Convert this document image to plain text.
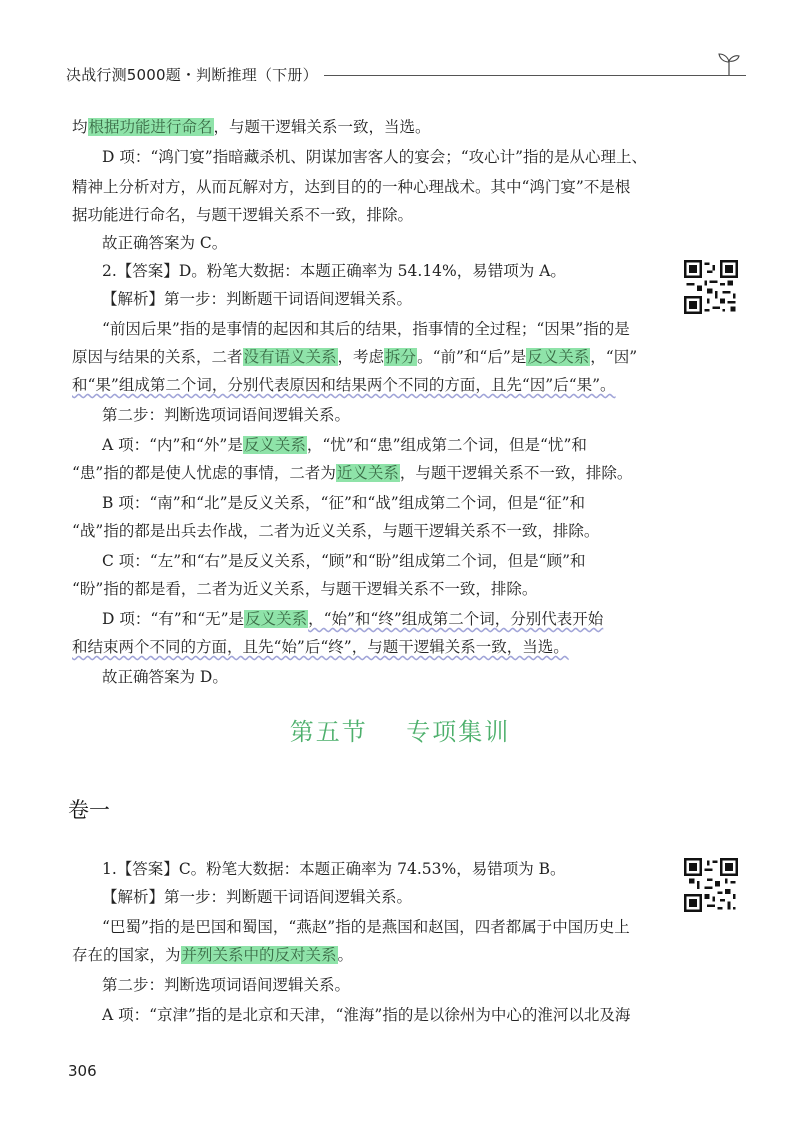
决战行测5000题・判断推理（下册）
均根据功能进行命名，与题干逻辑关系一致，当选。
D 项：“鸿门宴”指暗藏杀机、阴谋加害客人的宴会；“攻心计”指的是从心理上、
精神上分析对方，从而瓦解对方，达到目的的一种心理战术。其中“鸿门宴”不是根
据功能进行命名，与题干逻辑关系不一致，排除。
故正确答案为 C。
2.【答案】D。粉笔大数据：本题正确率为 54.14%，易错项为 A。
【解析】第一步：判断题干词语间逻辑关系。
“前因后果”指的是事情的起因和其后的结果，指事情的全过程；“因果”指的是
原因与结果的关系，二者没有语义关系，考虑拆分。“前”和“后”是反义关系，“因”
和“果”组成第二个词，分别代表原因和结果两个不同的方面，且先“因”后“果”。
第二步：判断选项词语间逻辑关系。
A 项：“内”和“外”是反义关系，“忧”和“患”组成第二个词，但是“忧”和
“患”指的都是使人忧虑的事情，二者为近义关系，与题干逻辑关系不一致，排除。
B 项：“南”和“北”是反义关系，“征”和“战”组成第二个词，但是“征”和
“战”指的都是出兵去作战，二者为近义关系，与题干逻辑关系不一致，排除。
C 项：“左”和“右”是反义关系，“顾”和“盼”组成第二个词，但是“顾”和
“盼”指的都是看，二者为近义关系，与题干逻辑关系不一致，排除。
D 项：“有”和“无”是反义关系，“始”和“终”组成第二个词，分别代表开始
和结束两个不同的方面，且先“始”后“终”，与题干逻辑关系一致，当选。
故正确答案为 D。
第五节    专项集训
卷一
1.【答案】C。粉笔大数据：本题正确率为 74.53%，易错项为 B。
【解析】第一步：判断题干词语间逻辑关系。
“巴蜀”指的是巴国和蜀国，“燕赵”指的是燕国和赵国，四者都属于中国历史上
存在的国家，为并列关系中的反对关系。
第二步：判断选项词语间逻辑关系。
A 项：“京津”指的是北京和天津，“淮海”指的是以徐州为中心的淮河以北及海
306
